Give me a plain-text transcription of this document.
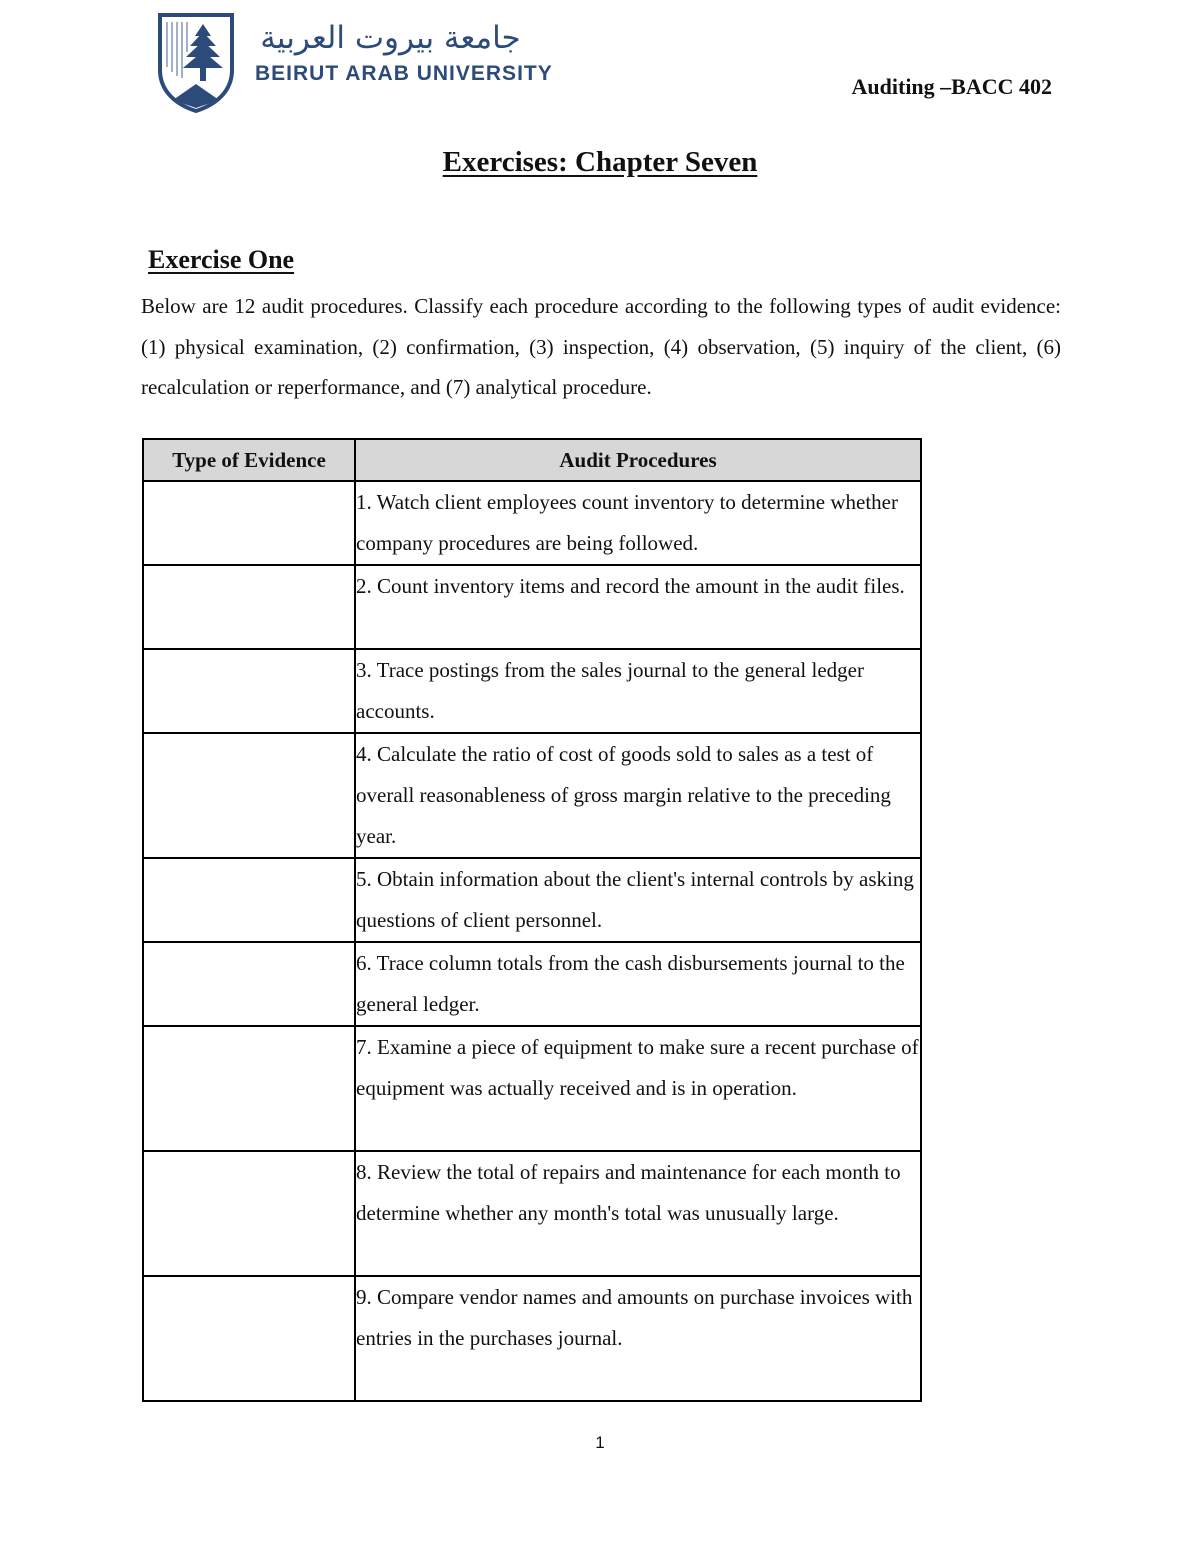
جامعة بيروت العربية
BEIRUT ARAB UNIVERSITY
Auditing –BACC 402
Exercises: Chapter Seven
Exercise One

Below are 12 audit procedures. Classify each procedure according to the following types of audit evidence: (1) physical examination, (2) confirmation, (3) inspection, (4) observation, (5) inquiry of the client, (6) recalculation or reperformance, and (7) analytical procedure.

Type of Evidence	Audit Procedures

	1. Watch client employees count inventory to determine whether company procedures are being followed.

	2. Count inventory items and record the amount in the audit files.

	3. Trace postings from the sales journal to the general ledger accounts.

	4. Calculate the ratio of cost of goods sold to sales as a test of overall reasonableness of gross margin relative to the preceding year.

	5. Obtain information about the client's internal controls by asking questions of client personnel.

	6. Trace column totals from the cash disbursements journal to the general ledger.

	7. Examine a piece of equipment to make sure a recent purchase of equipment was actually received and is in operation.

	8. Review the total of repairs and maintenance for each month to determine whether any month's total was unusually large.

	9. Compare vendor names and amounts on purchase invoices with entries in the purchases journal.
1
